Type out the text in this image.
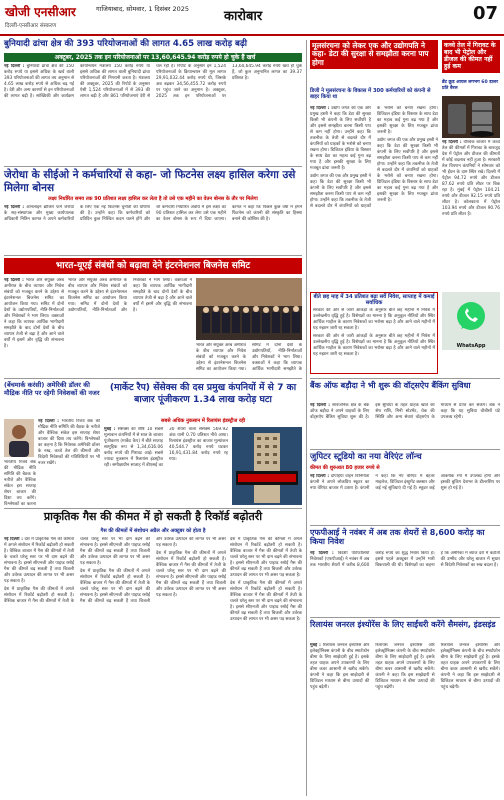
खोजी एनसीआर	गाजियाबाद, सोमवार, 1 दिसंबर 2025
दिल्ली-एनसीआर संस्करण
कारोबार	07
बुनियादी ढांचा क्षेत्र की 393 परियोजनाओं की लागत 4.65 लाख करोड़ बढ़ी
अक्टूबर, 2025 तक इन परियोजनाओं पर 13,60,645.94 करोड़ रुपये हो चुके हैं खर्च

नई दिल्ली : बुनियादी ढांचा क्षेत्र की 150 करोड़ रुपये या इससे अधिक के खर्च वाली 393 परियोजनाओं की लागत तय अनुमान से 4.65 लाख करोड़ रुपये से अधिक बढ़ गई है। देरी और अन्य कारणों से इन परियोजनाओं की लागत बढ़ी है। सांख्यिकी और कार्यक्रम कार्यान्वयन मंत्रालय 150 करोड़ रुपये या इससे अधिक की लागत वाली बुनियादी ढांचा परियोजनाओं की निगरानी करता है। मंत्रालय की अक्टूबर, 2025 की रिपोर्ट के अनुसार ऐसी 1,524 परियोजनाओं में से 393 की लागत बढ़ी है और 861 परियोजनाएं देरी से चल रही हैं। रिपोर्ट के अनुसार इन 1,524 परियोजनाओं के क्रियान्वयन की मूल लागत 29,91,032.44 करोड़ रुपये थी, जिसके अब बढ़कर 34,56,455.72 करोड़ रुपये पर पहुंच जाने का अनुमान है। अक्टूबर, 2025 तक इन परियोजनाओं पर 13,60,645.94 करोड़ रुपये खर्च हो चुके हैं, जो कुल अनुमानित लागत का 39.37 प्रतिशत है।

जेरोधा के सीईओ ने कर्मचारियों से कहा- जो फिटनेस लक्ष्य हासिल करेगा उसे मिलेगा बोनस
लक्ष्य निर्धारित समय तक 90 प्रतिशत लक्ष्य हासिल कर लेता है तो उसे एक महीने का वेतन बोनस के तौर पर मिलेगा

नई दिल्ली : ऑनलाइन ब्रोकिंग फर्म जेरोधा के सह-संस्थापक और मुख्य कार्यपालक अधिकारी नितिन कामत ने अपने कर्मचारियों के लिए एक नई फिटनेस चुनौती की घोषणा की है। उन्होंने कहा कि कर्मचारियों को प्रतिदिन कुछ निश्चित कदम चलने होंगे और जो कर्मचारी निर्धारित अवधि में इस लक्ष्य का 90 प्रतिशत हासिल कर लेगा उसे एक महीने का वेतन बोनस के रूप में दिया जाएगा। कामत ने कहा कि पिछले कुछ वर्षों में हमने फिटनेस को कंपनी की संस्कृति का हिस्सा बनाने की कोशिश की है।

भारत-यूएई संबंधों को बढ़ावा देने इंटरनेशनल बिजनेस समिट

नई दिल्ली : भारत और संयुक्त अरब अमीरात के बीच व्यापार और निवेश संबंधों को मजबूत करने के उद्देश्य से इंटरनेशनल बिजनेस समिट का आयोजन किया गया। समिट में दोनों देशों के उद्योगपतियों, नीति-निर्माताओं और निवेशकों ने भाग लिया। वक्ताओं ने कहा कि व्यापक आर्थिक भागीदारी समझौते के बाद दोनों देशों के बीच व्यापार तेजी से बढ़ा है और आने वाले वर्षों में इसमें और वृद्धि की संभावना है।

भारत और संयुक्त अरब अमीरात के बीच व्यापार और निवेश संबंधों को मजबूत करने के उद्देश्य से इंटरनेशनल बिजनेस समिट का आयोजन किया गया। समिट में दोनों देशों के उद्योगपतियों, नीति-निर्माताओं और निवेशकों ने भाग लिया। वक्ताओं ने कहा कि व्यापक आर्थिक भागीदारी समझौते के बाद दोनों देशों के बीच व्यापार तेजी से बढ़ा है और आने वाले वर्षों में इसमें और वृद्धि की संभावना है।

भारत और संयुक्त अरब अमीरात के बीच व्यापार और निवेश संबंधों को मजबूत करने के उद्देश्य से इंटरनेशनल बिजनेस समिट का आयोजन किया गया। समिट में दोनों देशों के उद्योगपतियों, नीति-निर्माताओं और निवेशकों ने भाग लिया। वक्ताओं ने कहा कि व्यापक आर्थिक भागीदारी समझौते के

(बेंचमार्क करंसी) अमेरिकी डॉलर की मौद्रिक नीति पर रहेगी निवेशकों की नजर

नई दिल्ली : भारतीय रिजर्व बैंक की मौद्रिक नीति समिति की बैठक के नतीजे और वैश्विक संकेत इस सप्ताह शेयर बाजार की दिशा तय करेंगे। विश्लेषकों का कहना है कि निवेशक अमेरिकी डॉलर के रुख, कच्चे तेल की कीमतों और विदेशी निवेशकों की गतिविधियों पर भी नजर रखेंगे।

भारतीय रिजर्व बैंक की मौद्रिक नीति समिति की बैठक के नतीजे और वैश्विक संकेत इस सप्ताह शेयर बाजार की दिशा तय करेंगे। विश्लेषकों का कहना

(मार्केट रैप) सेंसेक्स की दस प्रमुख कंपनियों में से 7 का बाजार पूंजीकरण 1.34 लाख करोड़ घटा
सबसे अधिक नुकसान में रिलायंस इंडस्ट्रीज रही

मुंबई : सेंसेक्स की शीर्ष 10 सबसे मूल्यवान कंपनियों में से सात के बाजार पूंजीकरण (मार्केट कैप) में बीते सप्ताह सामूहिक रूप से 1,34,616.06 करोड़ रुपये की गिरावट आई। सबसे ज्यादा नुकसान में रिलायंस इंडस्ट्रीज रही। समीक्षाधीन सप्ताह में बीएसई का 30 शेयरों वाला सेंसेक्स 569.92 अंक यानी 0.70 प्रतिशत नीचे आया। रिलायंस इंडस्ट्रीज का बाजार मूल्यांकन 40,544.7 करोड़ रुपये घटकर 16,91,431.84 करोड़ रुपये रह गया।

प्राकृतिक गैस की कीमत में हो सकती है रिकॉर्ड बढ़ोतरी
गैस की कीमतों में संशोधन अप्रैल और अक्टूबर को होता है

नई दिल्ली : देश में प्राकृतिक गैस की कीमतों में अगले संशोधन में रिकॉर्ड बढ़ोतरी हो सकती है। वैश्विक बाजार में गैस की कीमतों में तेजी के चलते घरेलू स्तर पर भी दाम बढ़ने की संभावना है। इससे सीएनजी और पाइप्ड रसोई गैस की कीमतें बढ़ सकती हैं तथा बिजली और उर्वरक उत्पादन की लागत पर भी असर पड़ सकता है।

देश में प्राकृतिक गैस की कीमतों में अगले संशोधन में रिकॉर्ड बढ़ोतरी हो सकती है। वैश्विक बाजार में गैस की कीमतों में तेजी के चलते घरेलू स्तर पर भी दाम बढ़ने की संभावना है। इससे सीएनजी और पाइप्ड रसोई गैस की कीमतें बढ़ सकती हैं तथा बिजली और उर्वरक उत्पादन की लागत पर भी असर पड़ सकता है।

देश में प्राकृतिक गैस की कीमतों में अगले संशोधन में रिकॉर्ड बढ़ोतरी हो सकती है। वैश्विक बाजार में गैस की कीमतों में तेजी के चलते घरेलू स्तर पर भी दाम बढ़ने की संभावना है। इससे सीएनजी और पाइप्ड रसोई गैस की कीमतें बढ़ सकती हैं तथा बिजली और उर्वरक उत्पादन की लागत पर भी असर पड़ सकता है।

देश में प्राकृतिक गैस की कीमतों में अगले संशोधन में रिकॉर्ड बढ़ोतरी हो सकती है। वैश्विक बाजार में गैस की कीमतों में तेजी के चलते घरेलू स्तर पर भी दाम बढ़ने की संभावना है। इससे सीएनजी और पाइप्ड रसोई गैस की कीमतें बढ़ सकती हैं तथा बिजली और उर्वरक उत्पादन की लागत पर भी असर पड़ सकता है।

देश में प्राकृतिक गैस की कीमतों में अगले संशोधन में रिकॉर्ड बढ़ोतरी हो सकती है। वैश्विक बाजार में गैस की कीमतों में तेजी के चलते घरेलू स्तर पर भी दाम बढ़ने की संभावना है। इससे सीएनजी और पाइप्ड रसोई गैस की कीमतें बढ़ सकती हैं तथा बिजली और उर्वरक उत्पादन की लागत पर भी असर पड़ सकता है।

देश में प्राकृतिक गैस की कीमतों में अगले संशोधन में रिकॉर्ड बढ़ोतरी हो सकती है। वैश्विक बाजार में गैस की कीमतों में तेजी के चलते घरेलू स्तर पर भी दाम बढ़ने की संभावना है। इससे सीएनजी और पाइप्ड रसोई गैस की कीमतें बढ़ सकती हैं तथा बिजली और उर्वरक उत्पादन की लागत पर भी असर पड़ सकता है।

मूलसंरचना को लेकर एक और उद्योगपति ने कहा- डेटा की सुरक्षा से समझौता करना पाप होगा
डिजी ने मूलसंरचना के विकास में 300 कर्मचारियों को कंपनी से बाहर किया था

नई दिल्ली : उद्योग जगत की एक और प्रमुख हस्ती ने कहा कि डेटा की सुरक्षा किसी भी कंपनी के लिए सर्वोपरि है और इससे समझौता करना किसी पाप से कम नहीं होगा। उन्होंने कहा कि तकनीक के तेजी से बदलते दौर में कंपनियों को ग्राहकों के भरोसे को बनाए रखना होगा। डिजिटल इंडिया के विस्तार के साथ डेटा का महत्व कई गुना बढ़ गया है और इसकी सुरक्षा के लिए मजबूत ढांचा जरूरी है।

उद्योग जगत की एक और प्रमुख हस्ती ने कहा कि डेटा की सुरक्षा किसी भी कंपनी के लिए सर्वोपरि है और इससे समझौता करना किसी पाप से कम नहीं होगा। उन्होंने कहा कि तकनीक के तेजी से बदलते दौर में कंपनियों को ग्राहकों के भरोसे को बनाए रखना होगा। डिजिटल इंडिया के विस्तार के साथ डेटा का महत्व कई गुना बढ़ गया है और इसकी सुरक्षा के लिए मजबूत ढांचा जरूरी है।

उद्योग जगत की एक और प्रमुख हस्ती ने कहा कि डेटा की सुरक्षा किसी भी कंपनी के लिए सर्वोपरि है और इससे समझौता करना किसी पाप से कम नहीं होगा। उन्होंने कहा कि तकनीक के तेजी से बदलते दौर में कंपनियों को ग्राहकों के भरोसे को बनाए रखना होगा। डिजिटल इंडिया के विस्तार के साथ डेटा का महत्व कई गुना बढ़ गया है और इसकी सुरक्षा के लिए मजबूत ढांचा जरूरी है।

बीते छह माह में 34 प्रतिशत बढ़ा सर्वे निवेश, साप्ताह में कमाई सर्वाधिक

सरकार की ओर से जारी आंकड़ों के अनुसार बीते छह महीनों में निवेश में उल्लेखनीय वृद्धि हुई है। विशेषज्ञों का मानना है कि अनुकूल नीतियों और स्थिर आर्थिक माहौल के कारण निवेशकों का भरोसा बढ़ा है और आने वाले महीनों में यह रुझान जारी रह सकता है।

सरकार की ओर से जारी आंकड़ों के अनुसार बीते छह महीनों में निवेश में उल्लेखनीय वृद्धि हुई है। विशेषज्ञों का मानना है कि अनुकूल नीतियों और स्थिर आर्थिक माहौल के कारण निवेशकों का भरोसा बढ़ा है और आने वाले महीनों में यह रुझान जारी रह सकता है।

कच्चे तेल में गिरावट के बाद भी पेट्रोल और डीजल की कीमत नहीं हुई कम
ब्रेंट क्रूड आयल लगभग 60 डालर प्रति बैरल

नई दिल्ली : वैश्विक बाजार में कच्चे तेल की कीमतों में गिरावट के बावजूद देश में पेट्रोल और डीजल की कीमतों में कोई बदलाव नहीं हुआ है। सरकारी तेल विपणन कंपनियों ने सोमवार को भी ईंधन के दाम स्थिर रखे। दिल्ली में पेट्रोल 94.72 रुपये और डीजल 87.62 रुपये प्रति लीटर पर बिक रहा है। मुंबई में पेट्रोल 104.21 रुपये और डीजल 92.15 रुपये प्रति लीटर है। कोलकाता में पेट्रोल 103.94 रुपये और डीजल 90.76 रुपये प्रति लीटर है।

WhatsApp
बैंक ऑफ बड़ौदा ने भी शुरू की वॉट्सऐप बैंकिंग सुविधा

नई दिल्ली : सार्वजनिक क्षेत्र के बैंक ऑफ बड़ौदा ने अपने ग्राहकों के लिए वॉट्सऐप बैंकिंग सुविधा शुरू की है। इस सुविधा के तहत ग्राहक खाते की शेष राशि, मिनी स्टेटमेंट, चेक की स्थिति और अन्य सेवाएं वॉट्सऐप के माध्यम से प्राप्त कर सकेंगे। बैंक ने कहा कि यह सुविधा चौबीसों घंटे उपलब्ध रहेगी।

जुपिटर स्टूडियो का नया वेरिएंट लॉन्च
कीमत की शुरुआत 80 हजार रुपये से

नई दिल्ली : दोपहिया वाहन विनिर्माता कंपनी ने अपने लोकप्रिय स्कूटर का नया वेरिएंट बाजार में उतारा है। कंपनी ने कहा कि नए वेरिएंट में बेहतर माइलेज, डिजिटल इंस्ट्रूमेंट क्लस्टर और कई नई सुविधाएं दी गई हैं। स्कूटर कई आकर्षक रंगों में उपलब्ध होगा और इसकी बुकिंग देशभर के डीलरशिप पर शुरू हो गई है।

एफपीआई ने नवंबर में अब तक शेयरों से 8,600 करोड़ का किया निवेश

नई दिल्ली : विदेशी पोर्टफोलियो निवेशकों (एफपीआई) ने नवंबर में अब तक भारतीय शेयरों में करीब 8,600 करोड़ रुपये का शुद्ध निवेश किया है। इससे पहले अक्टूबर में उन्होंने भारी बिकवाली की थी। विशेषज्ञों का कहना है कि अमेरिका में ब्याज दरों में कटौती की उम्मीद और घरेलू बाजार में सुधार से विदेशी निवेशकों का रुख बदला है।

रिलायंस जनरल इंश्योरेंस के लिए साईंधरी करेंगे सैमसंग, इंडसइंड

मुंबई : रिलायंस जनरल इंश्योरेंस और इलेक्ट्रॉनिक्स कंपनी के बीच स्मार्टफोन बीमा के लिए साझेदारी हुई है। इसके तहत ग्राहक अपने उपकरणों के लिए बीमा कवर आसानी से खरीद सकेंगे। कंपनी ने कहा कि इस साझेदारी से डिजिटल माध्यम से बीमा उत्पादों की पहुंच बढ़ेगी।

रिलायंस जनरल इंश्योरेंस और इलेक्ट्रॉनिक्स कंपनी के बीच स्मार्टफोन बीमा के लिए साझेदारी हुई है। इसके तहत ग्राहक अपने उपकरणों के लिए बीमा कवर आसानी से खरीद सकेंगे। कंपनी ने कहा कि इस साझेदारी से डिजिटल माध्यम से बीमा उत्पादों की पहुंच बढ़ेगी।

रिलायंस जनरल इंश्योरेंस और इलेक्ट्रॉनिक्स कंपनी के बीच स्मार्टफोन बीमा के लिए साझेदारी हुई है। इसके तहत ग्राहक अपने उपकरणों के लिए बीमा कवर आसानी से खरीद सकेंगे। कंपनी ने कहा कि इस साझेदारी से डिजिटल माध्यम से बीमा उत्पादों की पहुंच बढ़ेगी।
